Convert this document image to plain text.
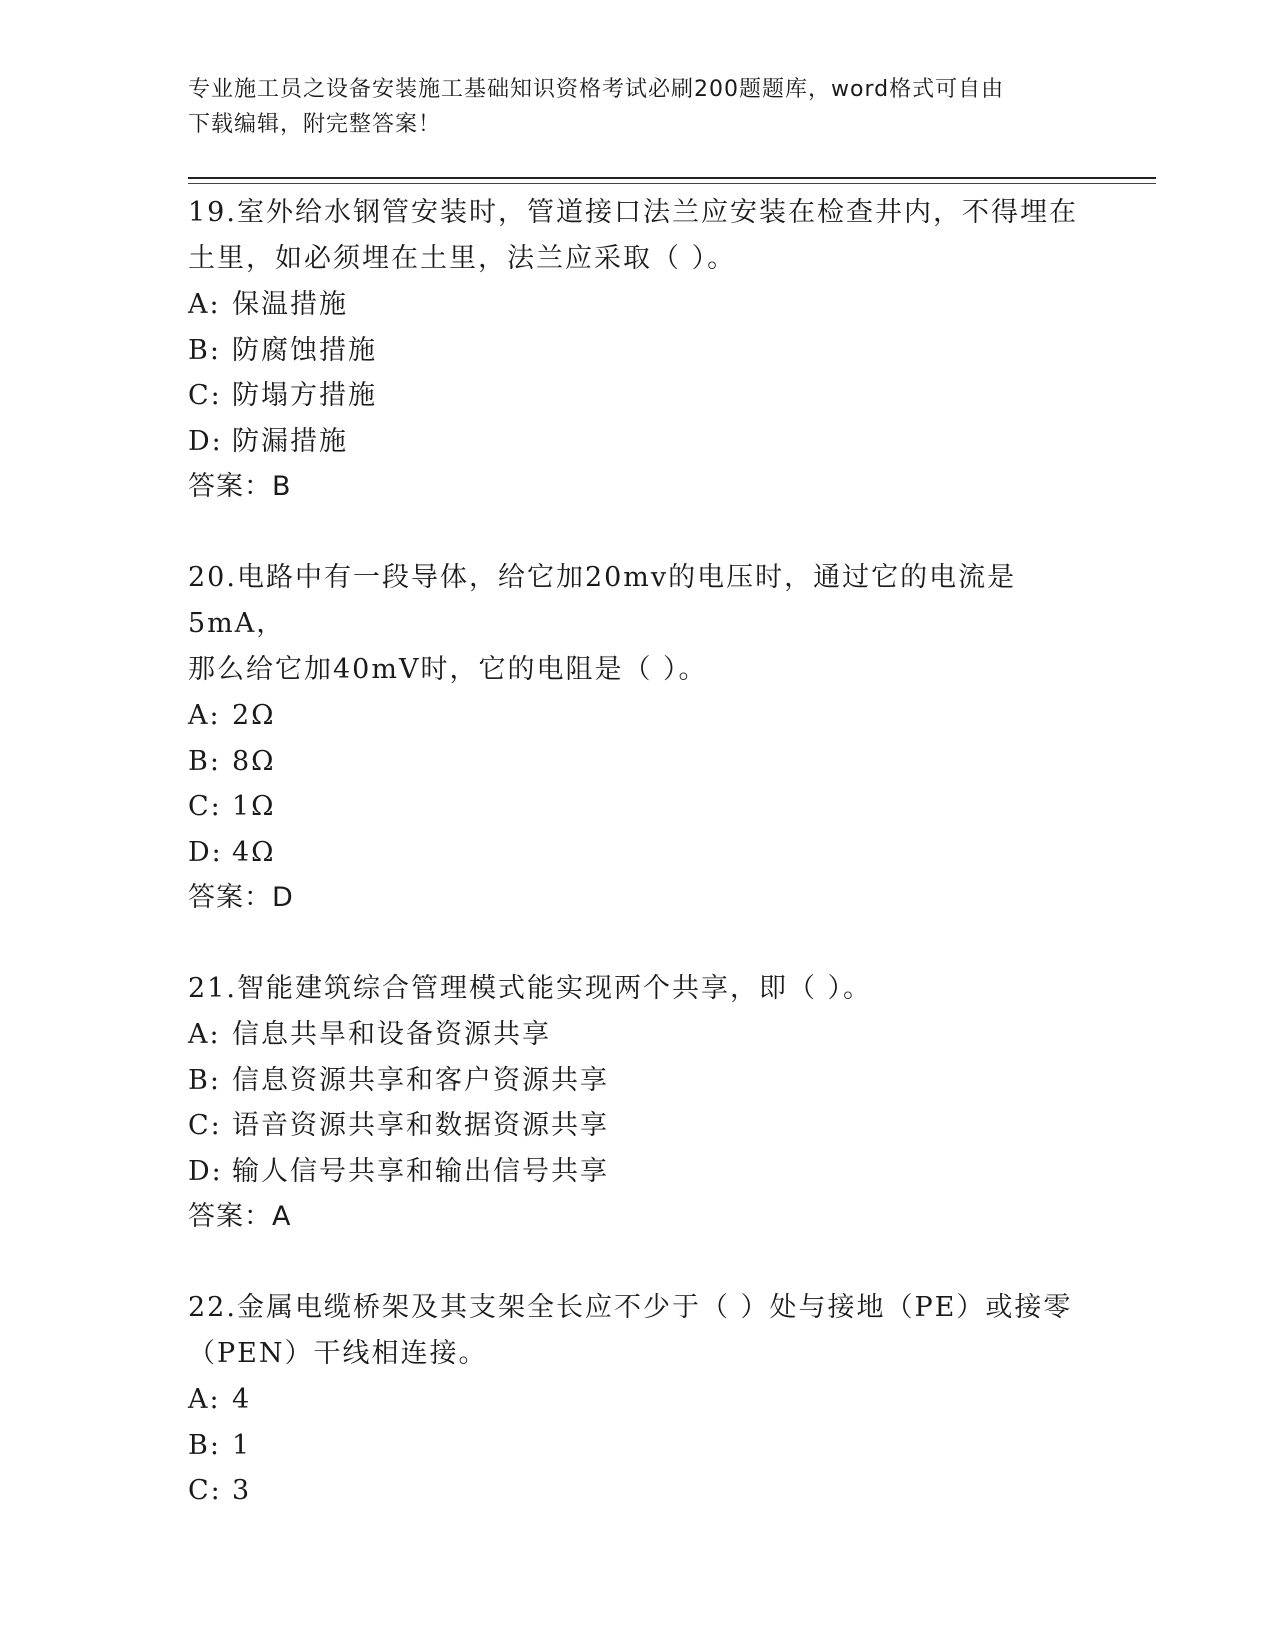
专业施工员之设备安装施工基础知识资格考试必刷200题题库，word格式可自由
下载编辑，附完整答案！
19.室外给水钢管安装时，管道接口法兰应安装在检查井内，不得埋在
土里，如必须埋在土里，法兰应采取（ ）。
A: 保温措施
B: 防腐蚀措施
C: 防塌方措施
D: 防漏措施
答案：B
20.电路中有一段导体，给它加20mv的电压时，通过它的电流是5mA，
那么给它加40mV时，它的电阻是（ ）。
A: 2Ω
B: 8Ω
C: 1Ω
D: 4Ω
答案：D
21.智能建筑综合管理模式能实现两个共享，即（ ）。
A: 信息共旱和设备资源共享
B: 信息资源共享和客户资源共享
C: 语音资源共享和数据资源共享
D: 输人信号共享和输出信号共享
答案：A
22.金属电缆桥架及其支架全长应不少于（ ）处与接地（PE）或接零
（PEN）干线相连接。
A: 4
B: 1
C: 3
